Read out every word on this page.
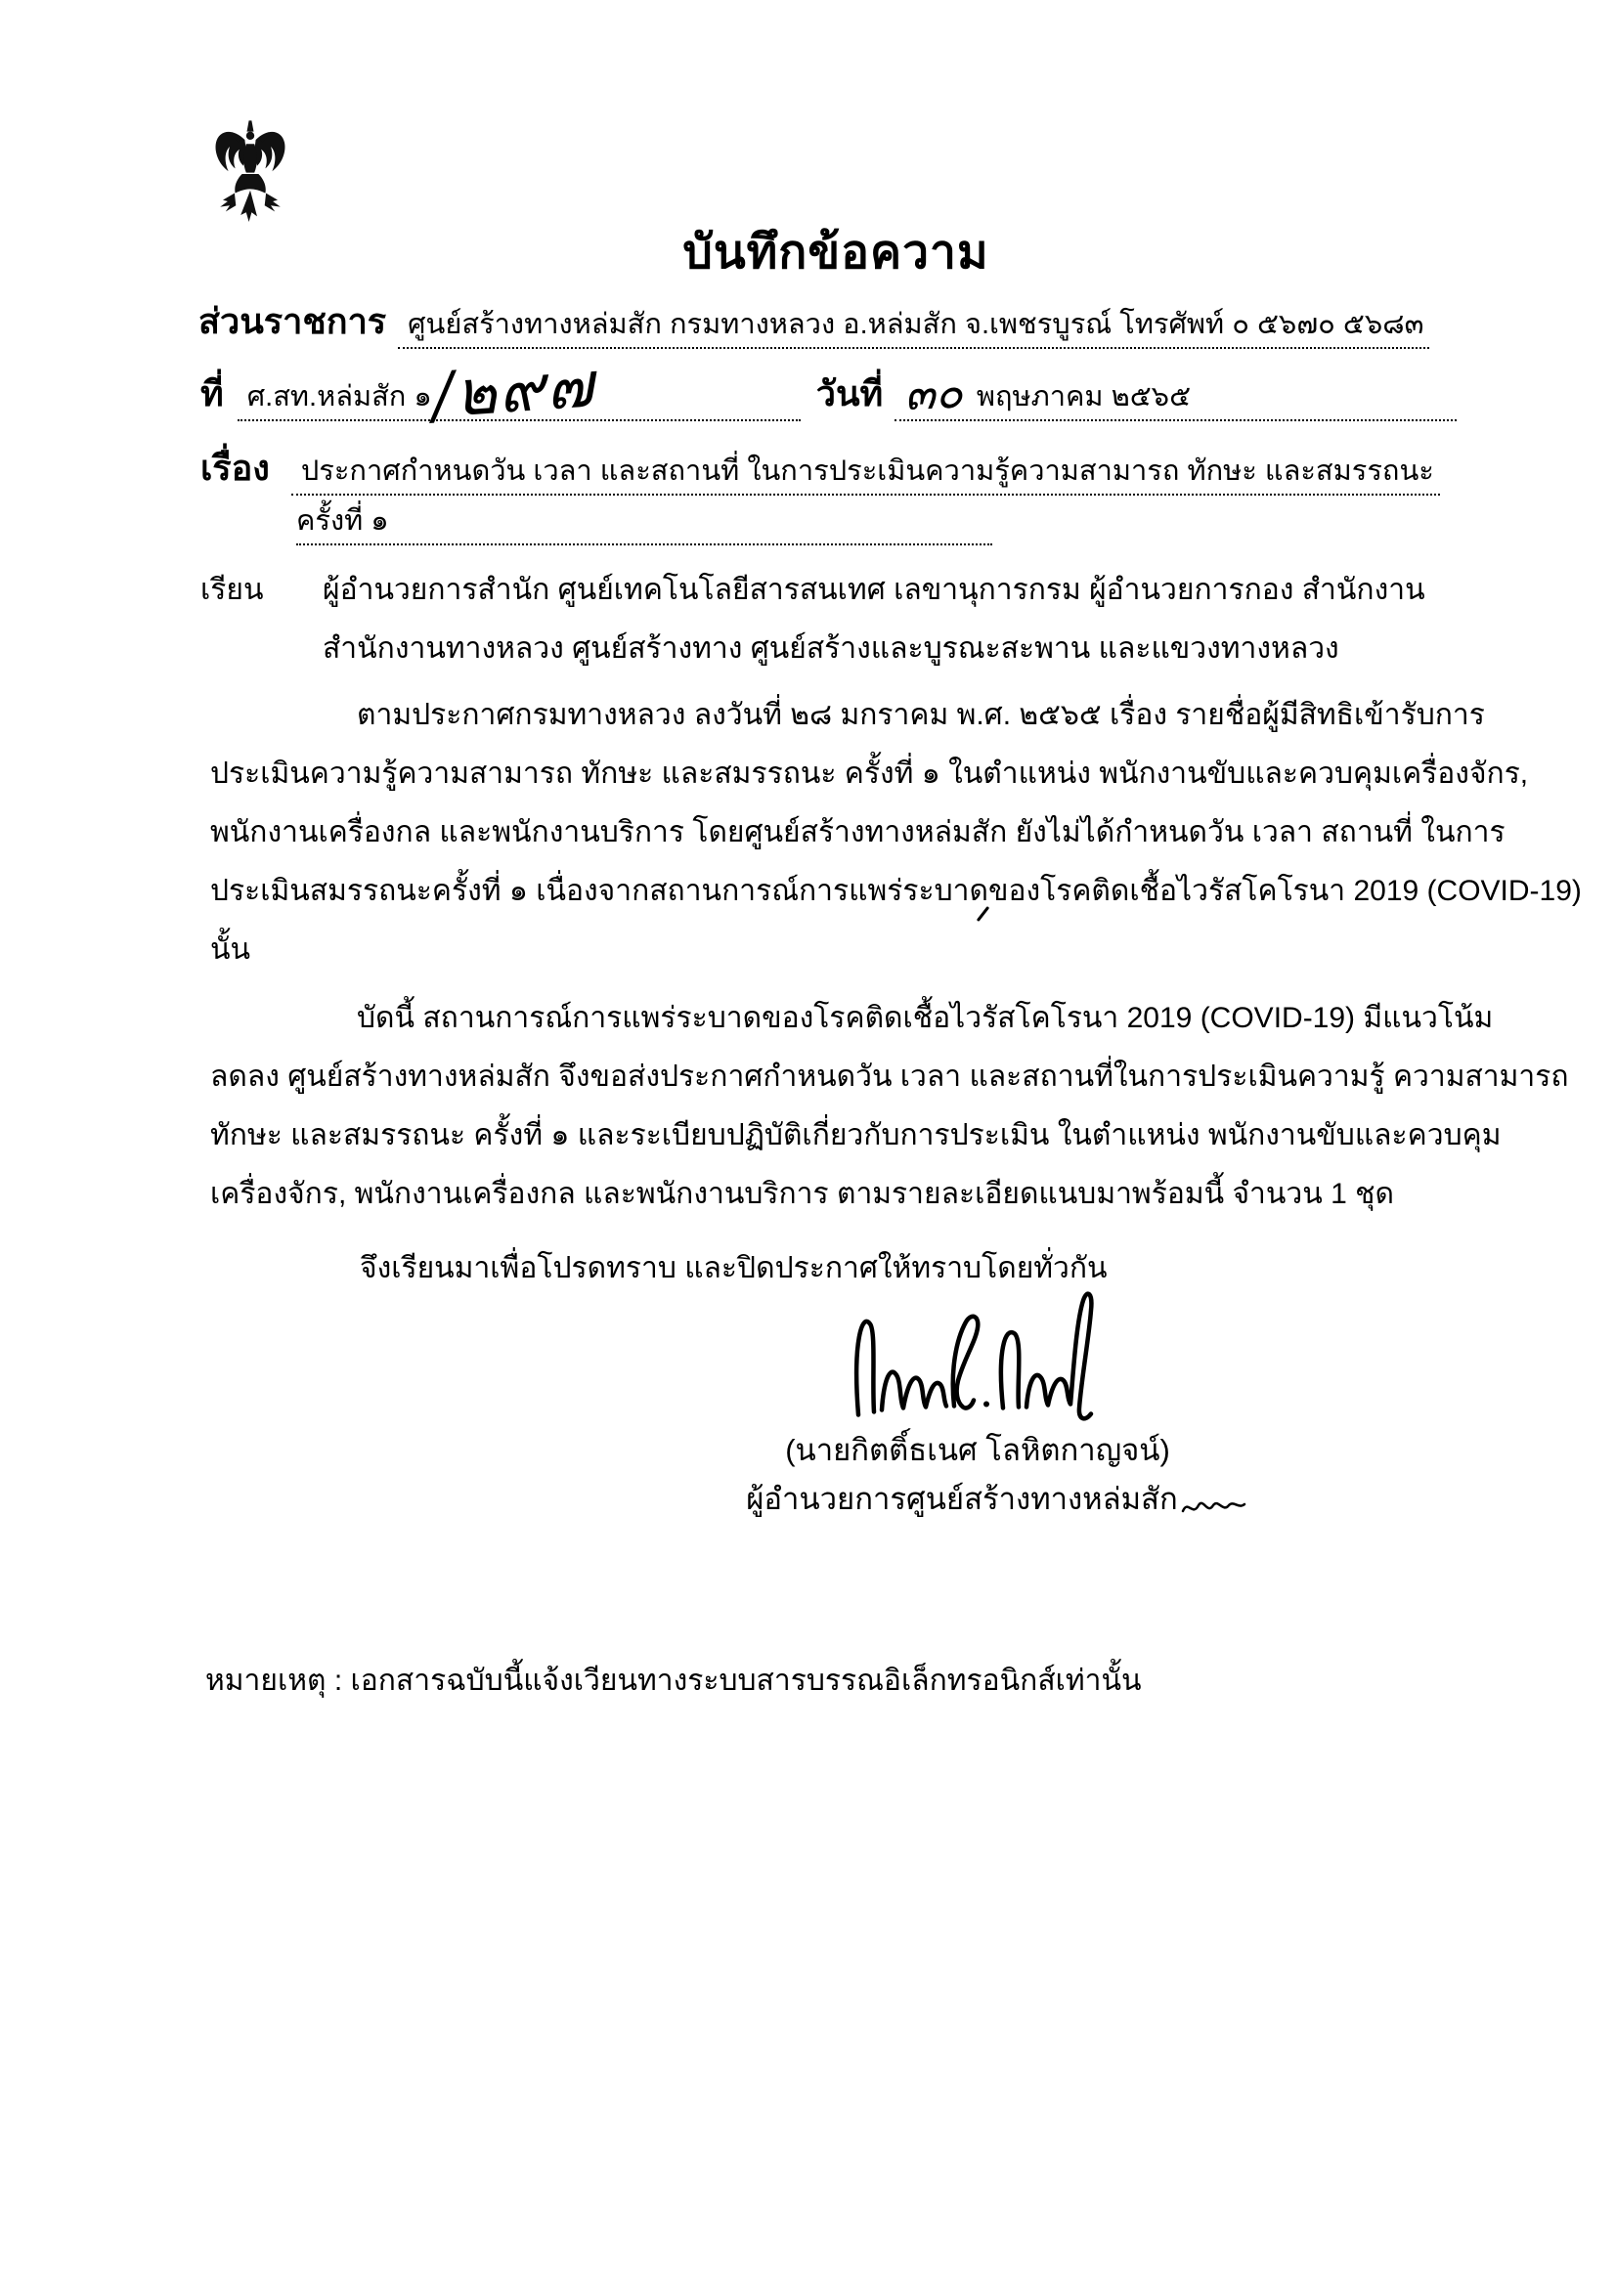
บันทึกข้อความ
ส่วนราชการ ศูนย์สร้างทางหล่มสัก กรมทางหลวง อ.หล่มสัก จ.เพชรบูรณ์ โทรศัพท์ ๐ ๕๖๗๐ ๕๖๘๓
ที่ ศ.สท.หล่มสัก ๑/๒๙๗	วันที่ ๓๐ พฤษภาคม ๒๕๖๕
เรื่อง	ประกาศกำหนดวัน เวลา และสถานที่ ในการประเมินความรู้ความสามารถ ทักษะ และสมรรถนะ
ครั้งที่ ๑
เรียน ผู้อำนวยการสำนัก ศูนย์เทคโนโลยีสารสนเทศ เลขานุการกรม ผู้อำนวยการกอง สำนักงาน
สำนักงานทางหลวง ศูนย์สร้างทาง ศูนย์สร้างและบูรณะสะพาน และแขวงทางหลวง
ตามประกาศกรมทางหลวง ลงวันที่ ๒๘ มกราคม พ.ศ. ๒๕๖๕ เรื่อง รายชื่อผู้มีสิทธิเข้ารับการ
ประเมินความรู้ความสามารถ ทักษะ และสมรรถนะ ครั้งที่ ๑ ในตำแหน่ง พนักงานขับและควบคุมเครื่องจักร,
พนักงานเครื่องกล และพนักงานบริการ โดยศูนย์สร้างทางหล่มสัก ยังไม่ได้กำหนดวัน เวลา สถานที่ ในการ
ประเมินสมรรถนะครั้งที่ ๑ เนื่องจากสถานการณ์การแพร่ระบาดของโรคติดเชื้อไวรัสโคโรนา 2019 (COVID-19)
นั้น
บัดนี้ สถานการณ์การแพร่ระบาดของโรคติดเชื้อไวรัสโคโรนา 2019 (COVID-19) มีแนวโน้ม
ลดลง ศูนย์สร้างทางหล่มสัก จึงขอส่งประกาศกำหนดวัน เวลา และสถานที่ในการประเมินความรู้ ความสามารถ
ทักษะ และสมรรถนะ ครั้งที่ ๑ และระเบียบปฏิบัติเกี่ยวกับการประเมิน ในตำแหน่ง พนักงานขับและควบคุม
เครื่องจักร, พนักงานเครื่องกล และพนักงานบริการ ตามรายละเอียดแนบมาพร้อมนี้ จำนวน 1 ชุด
จึงเรียนมาเพื่อโปรดทราบ และปิดประกาศให้ทราบโดยทั่วกัน
(นายกิตติ์ธเนศ โลหิตกาญจน์)
ผู้อำนวยการศูนย์สร้างทางหล่มสัก
หมายเหตุ : เอกสารฉบับนี้แจ้งเวียนทางระบบสารบรรณอิเล็กทรอนิกส์เท่านั้น
